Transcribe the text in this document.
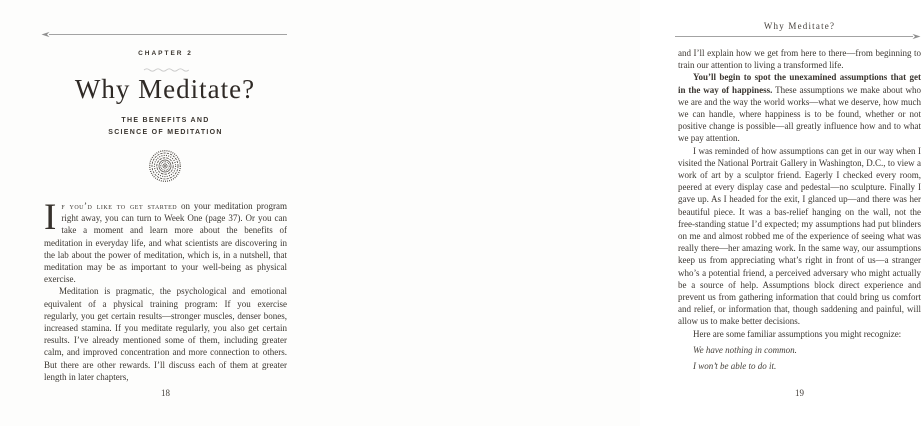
CHAPTER 2
Why Meditate?
THE BENEFITS AND
SCIENCE OF MEDITATION

If you’d like to get started on your meditation program right away, you can turn to Week One (page 37). Or you can take a moment and learn more about the benefits of meditation in everyday life, and what scientists are discovering in the lab about the power of meditation, which is, in a nutshell, that meditation may be as important to your well-being as physical exercise.

Meditation is pragmatic, the psychological and emotional equivalent of a physical training program: If you exercise regularly, you get certain results—stronger muscles, denser bones, increased stamina. If you meditate regularly, you also get certain results. I’ve already mentioned some of them, including greater calm, and improved concentration and more connection to others. But there are other rewards. I’ll discuss each of them at greater length in later chapters,

18
Why Meditate?

and I’ll explain how we get from here to there—from beginning to train our attention to living a transformed life.

You’ll begin to spot the unexamined assumptions that get in the way of happiness. These assumptions we make about who we are and the way the world works—what we deserve, how much we can handle, where happiness is to be found, whether or not positive change is possible—all greatly influence how and to what we pay attention.

I was reminded of how assumptions can get in our way when I visited the National Portrait Gallery in Washington, D.C., to view a work of art by a sculptor friend. Eagerly I checked every room, peered at every display case and pedestal—no sculpture. Finally I gave up. As I headed for the exit, I glanced up—and there was her beautiful piece. It was a bas-relief hanging on the wall, not the free-standing statue I’d expected; my assumptions had put blinders on me and almost robbed me of the experience of seeing what was really there—her amazing work. In the same way, our assumptions keep us from appreciating what’s right in front of us—a stranger who’s a potential friend, a perceived adversary who might actually be a source of help. Assumptions block direct experience and prevent us from gathering information that could bring us comfort and relief, or information that, though saddening and painful, will allow us to make better decisions.

Here are some familiar assumptions you might recognize:

We have nothing in common.

I won’t be able to do it.

19
